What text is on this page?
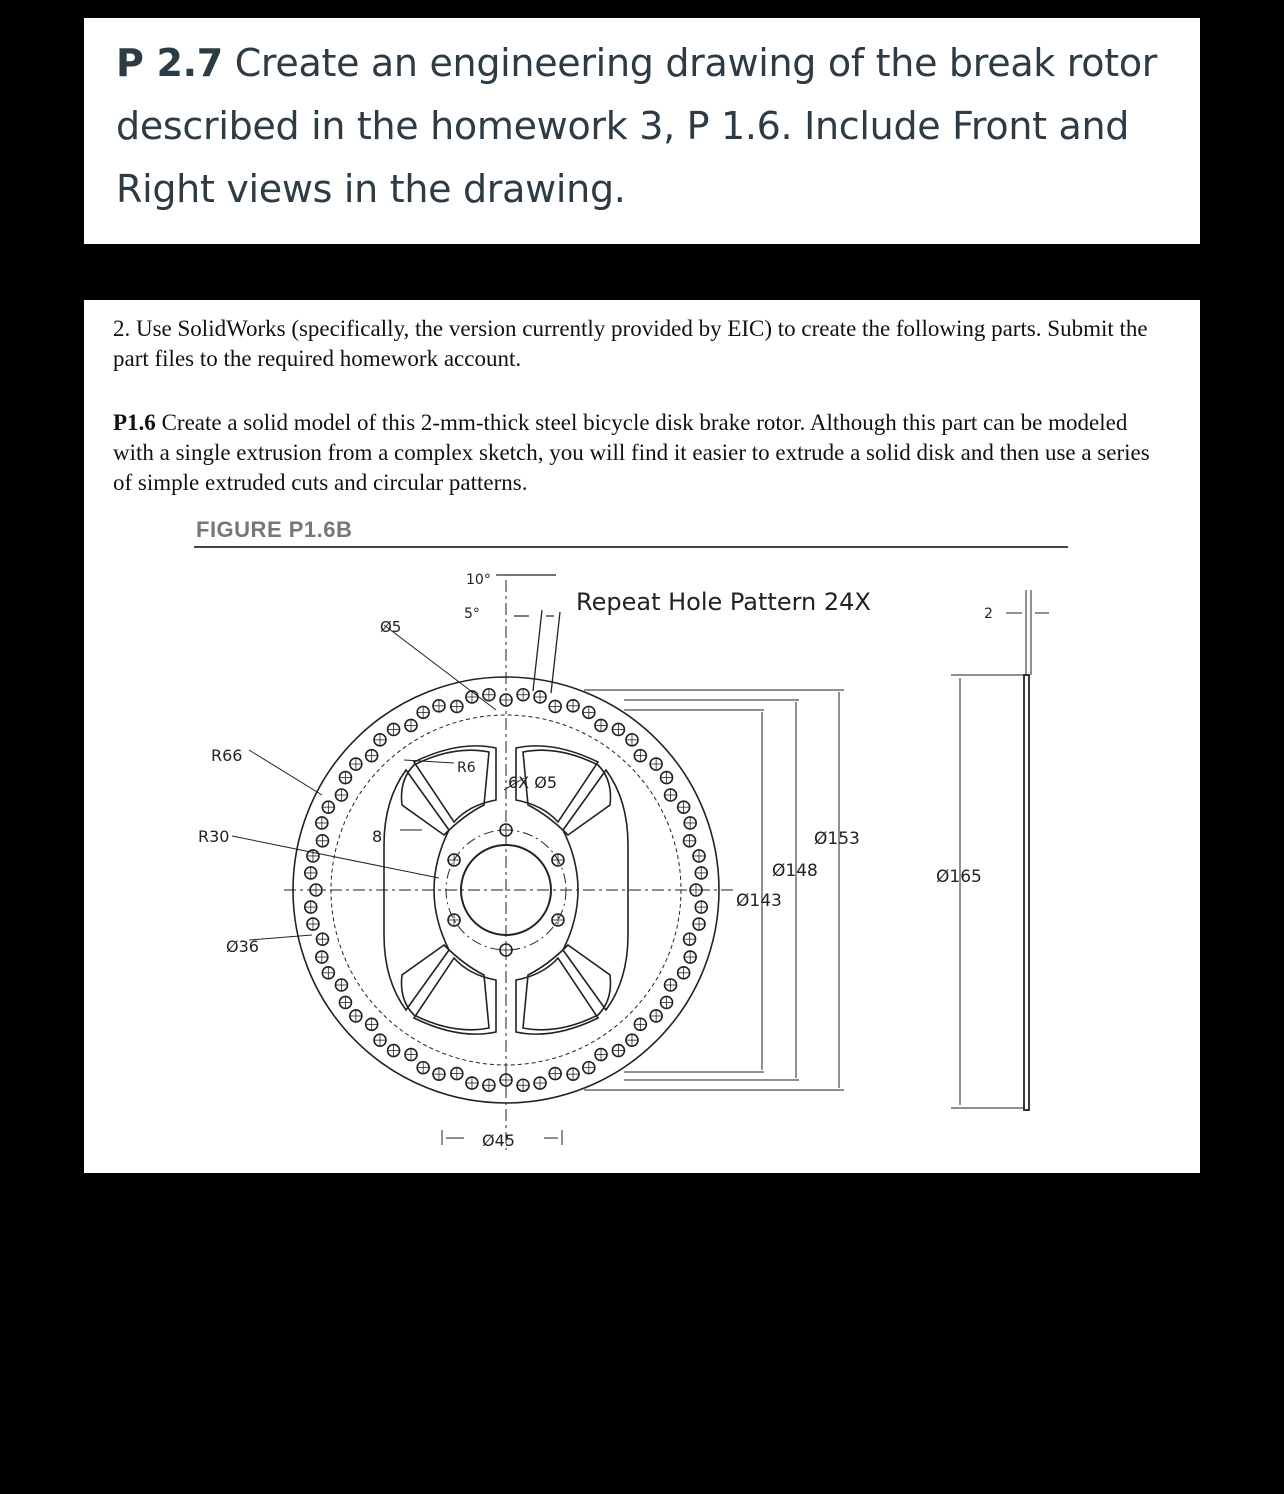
P 2.7 Create an engineering drawing of the break rotor described in the homework 3, P 1.6. Include Front and Right views in the drawing.

2. Use SolidWorks (specifically, the version currently provided by EIC) to create the following parts. Submit the part files to the required homework account.

P1.6 Create a solid model of this 2-mm-thick steel bicycle disk brake rotor. Although this part can be modeled with a single extrusion from a complex sketch, you will find it easier to extrude a solid disk and then use a series of simple extruded cuts and circular patterns.

FIGURE P1.6B

10°
5°
Ø5
Repeat Hole Pattern 24X
R66
R30
Ø36
R6
6X Ø5
8	Ø153
Ø148
Ø143
Ø45
Ø165
2
